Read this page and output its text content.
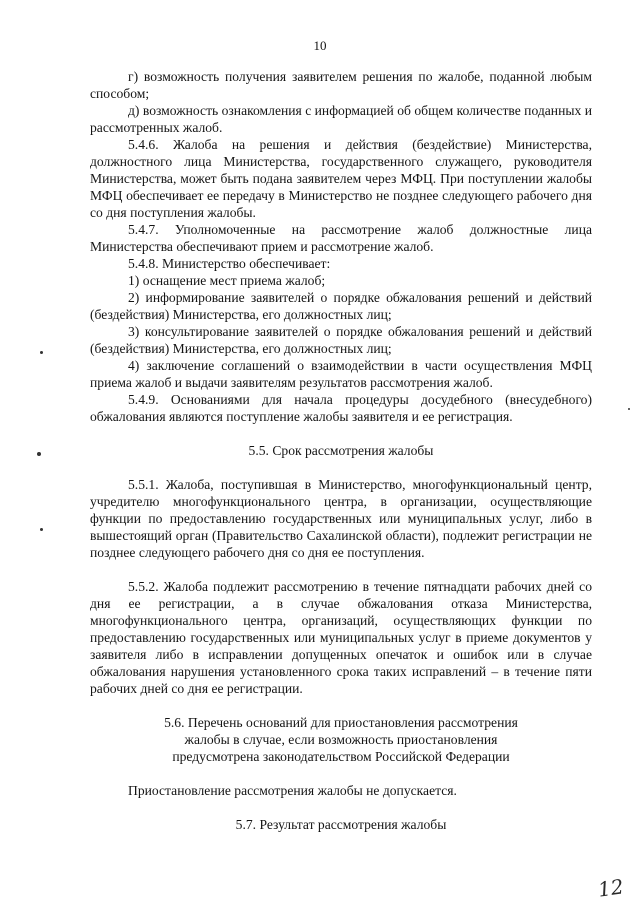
10

г) возможность получения заявителем решения по жалобе, поданной любым способом;

д) возможность ознакомления с информацией об общем количестве поданных и рассмотренных жалоб.

5.4.6. Жалоба на решения и действия (бездействие) Министерства, должностного лица Министерства, государственного служащего, руководителя Министерства, может быть подана заявителем через МФЦ. При поступлении жалобы МФЦ обеспечивает ее передачу в Министерство не позднее следующего рабочего дня со дня поступления жалобы.

5.4.7. Уполномоченные на рассмотрение жалоб должностные лица Министерства обеспечивают прием и рассмотрение жалоб.

5.4.8. Министерство обеспечивает:

1) оснащение мест приема жалоб;

2) информирование заявителей о порядке обжалования решений и действий (бездействия) Министерства, его должностных лиц;

3) консультирование заявителей о порядке обжалования решений и действий (бездействия) Министерства, его должностных лиц;

4) заключение соглашений о взаимодействии в части осуществления МФЦ приема жалоб и выдачи заявителям результатов рассмотрения жалоб.

5.4.9. Основаниями для начала процедуры досудебного (внесудебного) обжалования являются поступление жалобы заявителя и ее регистрация.

5.5. Срок рассмотрения жалобы

5.5.1. Жалоба, поступившая в Министерство, многофункциональный центр, учредителю многофункционального центра, в организации, осуществляющие функции по предоставлению государственных или муниципальных услуг, либо в вышестоящий орган (Правительство Сахалинской области), подлежит регистрации не позднее следующего рабочего дня со дня ее поступления.

5.5.2. Жалоба подлежит рассмотрению в течение пятнадцати рабочих дней со дня ее регистрации, а в случае обжалования отказа Министерства, многофункционального центра, организаций, осуществляющих функции по предоставлению государственных или муниципальных услуг в приеме документов у заявителя либо в исправлении допущенных опечаток и ошибок или в случае обжалования нарушения установленного срока таких исправлений – в течение пяти рабочих дней со дня ее регистрации.

5.6. Перечень оснований для приостановления рассмотрения
жалобы в случае, если возможность приостановления
предусмотрена законодательством Российской Федерации

Приостановление рассмотрения жалобы не допускается.

5.7. Результат рассмотрения жалобы

12
